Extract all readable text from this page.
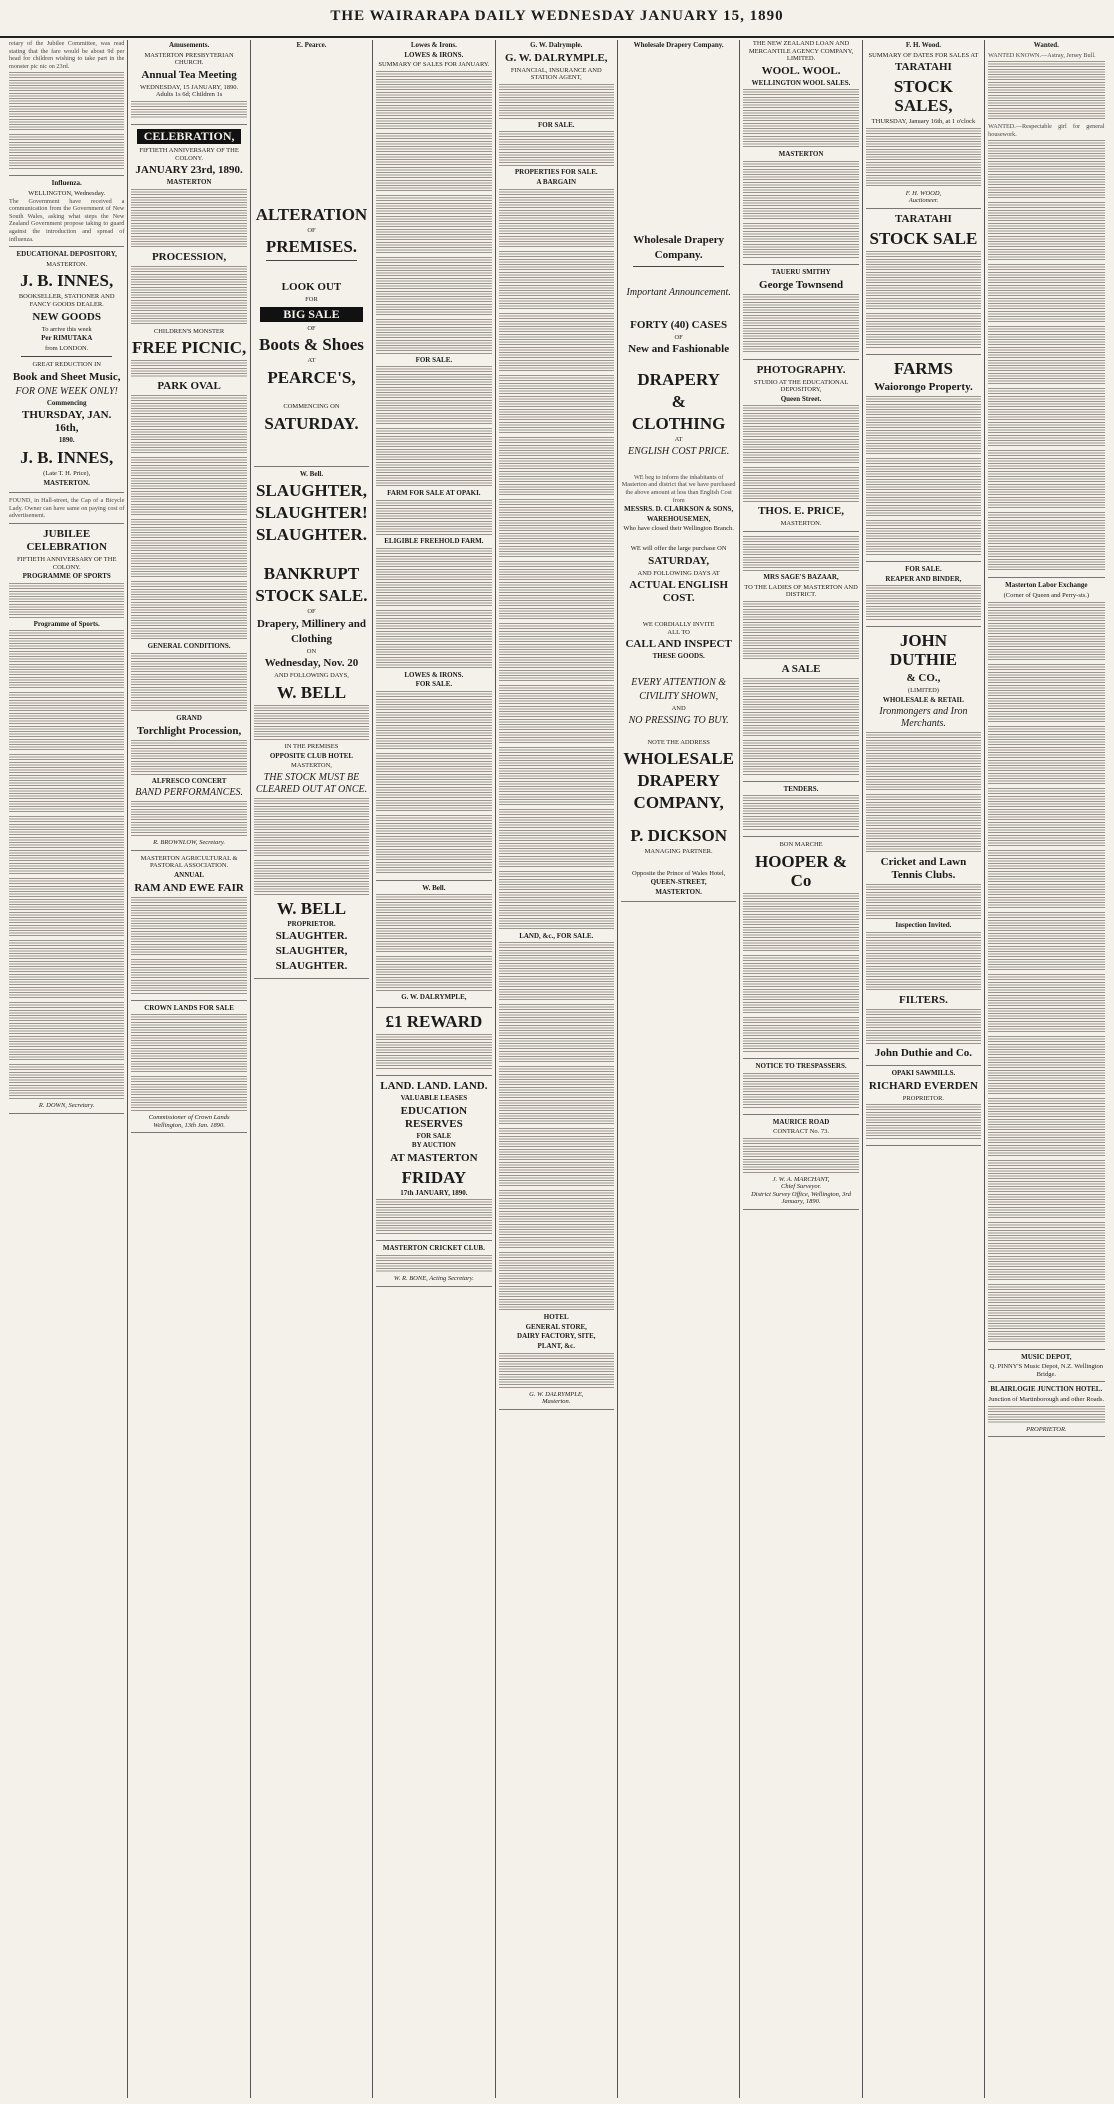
THE WAIRARAPA DAILY WEDNESDAY JANUARY 15, 1890
retary of the Jubilee Committee, was read stating that the fare would be about 9d per head for children wishing to take part in the monster pic nic on 23rd.
Influenza.
WELLINGTON, Wednesday.
The Government have received a communication from the Government of New South Wales, asking what steps the New Zealand Government propose taking to guard against the introduction and spread of influenza.
EDUCATIONAL DEPOSITORY,
MASTERTON.
J. B. INNES,
BOOKSELLER, STATIONER AND
FANCY GOODS DEALER.
NEW GOODS
To arrive this week
Per RIMUTAKA
from LONDON.
GREAT REDUCTION IN
Book and Sheet Music,
FOR ONE WEEK ONLY!
Commencing
THURSDAY, JAN. 16th,
1890.
J. B. INNES,
(Late T. H. Price),
MASTERTON.
FOUND, in Hall-street, the Cap of a Bicycle Lady. Owner can have same on paying cost of advertisement.
JUBILEE CELEBRATION
FIFTIETH ANNIVERSARY OF THE COLONY.
PROGRAMME OF SPORTS
Programme of Sports.
R. DOWN, Secretary.
Amusements.
MASTERTON PRESBYTERIAN CHURCH.
Annual Tea Meeting
WEDNESDAY, 15 JANUARY, 1890.
Adults 1s 6d; Children 1s
CELEBRATION,
FIFTIETH ANNIVERSARY OF THE COLONY.
JANUARY 23rd, 1890.
MASTERTON
PROCESSION,
CHILDREN'S MONSTER
FREE PICNIC,
PARK OVAL
GENERAL CONDITIONS.
GRAND
Torchlight Procession,
ALFRESCO CONCERT
BAND PERFORMANCES.
R. BROWNLOW, Secretary.
MASTERTON AGRICULTURAL & PASTORAL ASSOCIATION.
ANNUAL
RAM AND EWE FAIR
CROWN LANDS FOR SALE
Commissioner of Crown Lands
Wellington, 13th Jan. 1890.
E. Pearce.
ALTERATION
OF
PREMISES.
LOOK OUT
FOR
BIG SALE
OF
Boots & Shoes
AT
PEARCE'S,
COMMENCING ON
SATURDAY.
W. Bell.
SLAUGHTER,
SLAUGHTER!
SLAUGHTER.
BANKRUPT
STOCK SALE.
OF
Drapery, Millinery and
Clothing
ON
Wednesday, Nov. 20
AND FOLLOWING DAYS,
W. BELL
IN THE PREMISES
OPPOSITE CLUB HOTEL
MASTERTON,
THE STOCK MUST BE CLEARED OUT AT ONCE.
W. BELL
PROPRIETOR.
SLAUGHTER.
SLAUGHTER,
SLAUGHTER.
Lowes & Irons.
LOWES & IRONS.
SUMMARY OF SALES FOR JANUARY.
FOR SALE.
FARM FOR SALE AT OPAKI.
ELIGIBLE FREEHOLD FARM.
LOWES & IRONS.
FOR SALE.
W. Bell.
G. W. DALRYMPLE,
£1 REWARD
LAND. LAND. LAND.
VALUABLE LEASES
EDUCATION RESERVES
FOR SALE
BY AUCTION
AT MASTERTON
FRIDAY
17th JANUARY, 1890.
MASTERTON CRICKET CLUB.
W. R. BONE, Acting Secretary.
G. W. Dalrymple.
G. W. DALRYMPLE,
FINANCIAL, INSURANCE AND STATION AGENT,
FOR SALE.
PROPERTIES FOR SALE.
A BARGAIN
LAND, &c., FOR SALE.
HOTEL
GENERAL STORE,
DAIRY FACTORY, SITE,
PLANT, &c.
G. W. DALRYMPLE,
Masterton.
Wholesale Drapery Company.
Wholesale Drapery
Company.
Important Announcement.
FORTY (40) CASES
OF
New and Fashionable
DRAPERY
&
CLOTHING
AT
ENGLISH COST PRICE.
WE beg to inform the inhabitants of Masterton and district that we have purchased the above amount at less than English Cost from
MESSRS. D. CLARKSON & SONS,
WAREHOUSEMEN,
Who have closed their Wellington Branch.
WE will offer the large purchase ON
SATURDAY,
AND FOLLOWING DAYS AT
ACTUAL ENGLISH COST.
WE CORDIALLY INVITE
ALL TO
CALL AND INSPECT
THESE GOODS.
EVERY ATTENTION &
CIVILITY SHOWN,
AND
NO PRESSING TO BUY.
NOTE THE ADDRESS
WHOLESALE
DRAPERY
COMPANY,
P. DICKSON
MANAGING PARTNER.
Opposite the Prince of Wales Hotel,
QUEEN-STREET,
MASTERTON.
THE NEW ZEALAND LOAN AND MERCANTILE AGENCY COMPANY, LIMITED.
WOOL. WOOL.
WELLINGTON WOOL SALES.
MASTERTON
TAUERU SMITHY
George Townsend
PHOTOGRAPHY.
STUDIO AT THE EDUCATIONAL DEPOSITORY,
Queen Street.
THOS. E. PRICE,
MASTERTON.
MRS SAGE'S BAZAAR,
TO THE LADIES OF MASTERTON AND DISTRICT.
A SALE
TENDERS.
BON MARCHE
HOOPER & Co
NOTICE TO TRESPASSERS.
MAURICE ROAD
CONTRACT No. 73.
J. W. A. MARCHANT,
Chief Surveyor.
District Survey Office, Wellington, 3rd January, 1890.
F. H. Wood.
SUMMARY OF DATES FOR SALES AT
TARATAHI
STOCK SALES,
THURSDAY, January 16th, at 1 o'clock
F. H. WOOD,
Auctioneer.
TARATAHI
STOCK SALE
FARMS
Waiorongo Property.
FOR SALE.
REAPER AND BINDER,
JOHN DUTHIE
& CO.,
(LIMITED)
WHOLESALE & RETAIL
Ironmongers and Iron Merchants.
Cricket and Lawn Tennis Clubs.
Inspection Invited.
FILTERS.
John Duthie and Co.
OPAKI SAWMILLS.
RICHARD EVERDEN
PROPRIETOR.
Wanted.
WANTED KNOWN.—Astray, Jersey Bull.
WANTED.—Respectable girl for general housework.
Masterton Labor Exchange
(Corner of Queen and Perry-sts.)
MUSIC DEPOT,
Q. PINNY'S Music Depot, N.Z. Wellington Bridge.
BLAIRLOGIE JUNCTION HOTEL.
Junction of Martinborough and other Roads.
PROPRIETOR.
